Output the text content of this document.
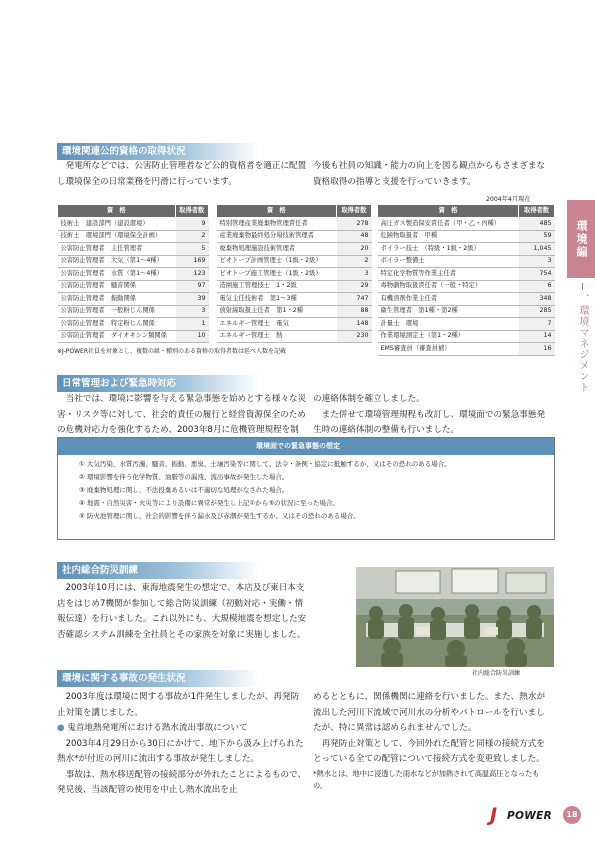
環境関連公的資格の取得状況

発電所などでは、公害防止管理者など公的資格者を適正に配置し環境保全の日常業務を円滑に行っています。

今後も社員の知識・能力の向上を図る観点からもさまざまな資格取得の指導と支援を行っていきます。
2004年4月現在
資　格	取得者数
技術士　建設部門（建設環境）	9
技術士　環境部門（環境保全計画）	2
公害防止管理者　主任管理者	5
公害防止管理者　大気（第1〜4種）	169
公害防止管理者　水質（第1〜4種）	123
公害防止管理者　騒音関係	97
公害防止管理者　振動関係	39
公害防止管理者　一般粉じん関係	3
公害防止管理者　特定粉じん関係	1
公害防止管理者　ダイオキシン類関係	10
資　格	取得者数
特別管理産業廃棄物管理責任者	278
産業廃棄物最終処分場技術管理者	48
廃棄物処理施設技術管理者	20
ビオトープ計画管理士（1級・2級）	2
ビオトープ施工管理士（1級・2級）	3
造園施工管理技士　1・2級	29
電気主任技術者　第1〜3種	747
放射線取扱主任者　第1・2種	88
エネルギー管理士　電気	148
エネルギー管理士　熱	230
資　格	取得者数
高圧ガス製造保安責任者（甲・乙・丙種）	485
危険物取扱者　甲種	59
ボイラー技士　（特級・1級・2級）	1,045
ボイラー整備士	3
特定化学物質等作業主任者	754
毒物劇物取扱責任者（一般・特定）	6
有機溶剤作業主任者	348
衛生管理者　第1種・第2種	285
計量士　環境	7
作業環境測定士（第1・2種）	14
EMS審査員（審査員補）	16
※J-POWER社員を対象とし、複数の級・種別のある資格の取得者数は延べ人数を記載
日常管理および緊急時対応

当社では、環境に影響を与える緊急事態を始めとする様々な災害・リスク等に対して、社会的責任の履行と経営資源保全のための危機対応力を強化するため、2003年8月に危機管理規程を制

の連絡体制を確立しました。

また併せて環境管理規程も改訂し、環境面での緊急事態発生時の連絡体制の整備も行いました。

環境面での緊急事態の想定
① 大気汚染、水質汚濁、騒音、振動、悪臭、土壌汚染等に関して、法令・条例・協定に抵触するか、又はその恐れのある場合。
② 環境影響を伴う化学物質、油脂等の漏洩、流出事故が発生した場合。
③ 廃棄物処理に関し、不法投棄あるいは不適切な処理がなされた場合。
④ 地震・自然災害・火災等により設備に異常が発生し上記①から③の状況に至った場合。
⑤ 防火池管理に関し、社会的影響を伴う漏水及び赤潮が発生するか、又はその恐れのある場合。
社内総合防災訓練

2003年10月には、東海地震発生の想定で、本店及び東日本支店をはじめ7機関が参加して総合防災訓練（初動対応・実働・情報伝達）を行いました。これ以外にも、大規模地震を想定した安否確認システム訓練を全社員とその家族を対象に実施しました。

社内総合防災訓練
環境に関する事故の発生状況

2003年度は環境に関する事故が1件発生しましたが、再発防止対策を講じました。

● 鬼首地熱発電所における熱水流出事故について

2003年4月29日から30日にかけて、地下から汲み上げられた熱水*が付近の河川に流出する事故が発生しました。

事故は、熱水移送配管の接続部分が外れたことによるもので、発見後、当該配管の使用を中止し熱水流出を止

めるとともに、関係機関に連絡を行いました。また、熱水が流出した河川下流域で河川水の分析やパトロールを行いましたが、特に異常は認められませんでした。

再発防止対策として、今回外れた配管と同様の接続方式をとっている全ての配管について接続方式を変更致しました。

*熱水とは、地中に浸透した雨水などが加熱されて高温高圧となったもの。
環境編
Ⅰ．環境マネジメント
J POWER	18
